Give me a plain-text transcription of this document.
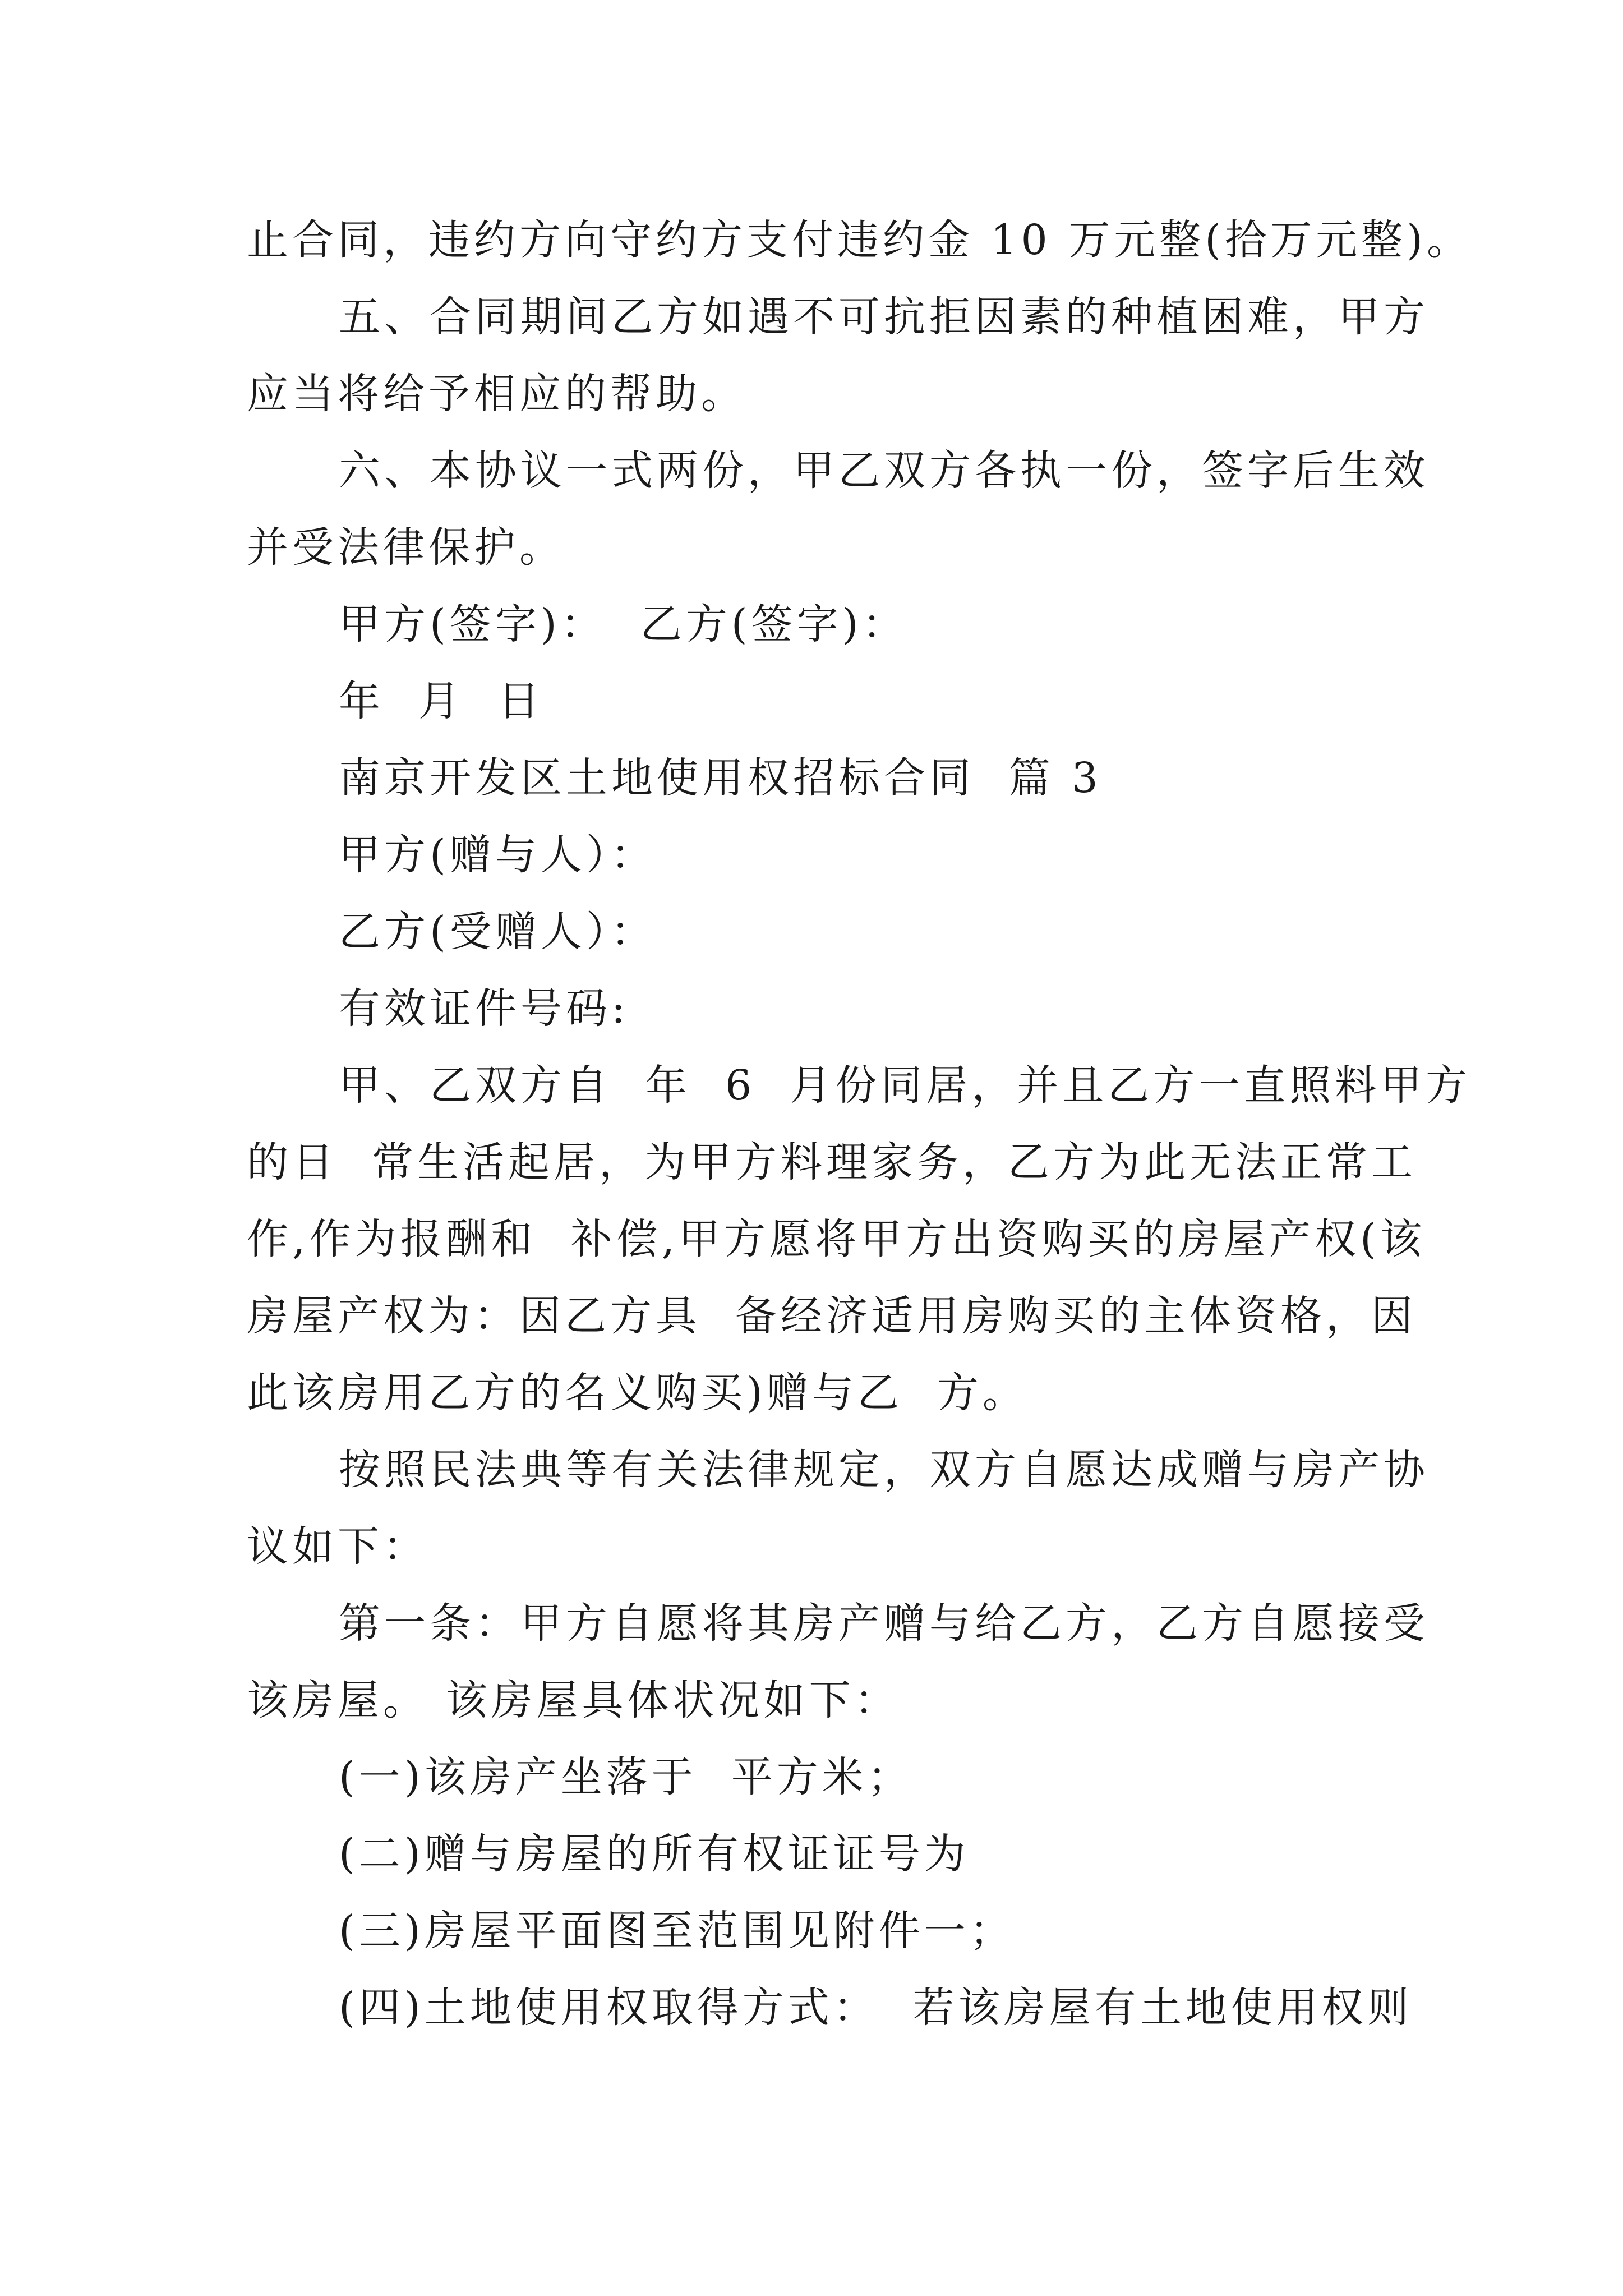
止合同，违约方向守约方支付违约金 10 万元整(拾万元整)。
五、合同期间乙方如遇不可抗拒因素的种植困难，甲方
应当将给予相应的帮助。
六、本协议一式两份，甲乙双方各执一份，签字后生效
并受法律保护。
甲方(签字)：  乙方(签字)：
年  月  日
南京开发区土地使用权招标合同  篇 3
甲方(赠与人）：
乙方(受赠人）：
有效证件号码:
甲、乙双方自  年  6  月份同居，并且乙方一直照料甲方
的日  常生活起居，为甲方料理家务，乙方为此无法正常工
作,作为报酬和  补偿,甲方愿将甲方出资购买的房屋产权(该
房屋产权为：因乙方具  备经济适用房购买的主体资格，因
此该房用乙方的名义购买)赠与乙  方。
按照民法典等有关法律规定，双方自愿达成赠与房产协
议如下：
第一条：甲方自愿将其房产赠与给乙方，乙方自愿接受
该房屋。 该房屋具体状况如下：
(一)该房产坐落于  平方米；
(二)赠与房屋的所有权证证号为
(三)房屋平面图至范围见附件一；
(四)土地使用权取得方式：  若该房屋有土地使用权则
